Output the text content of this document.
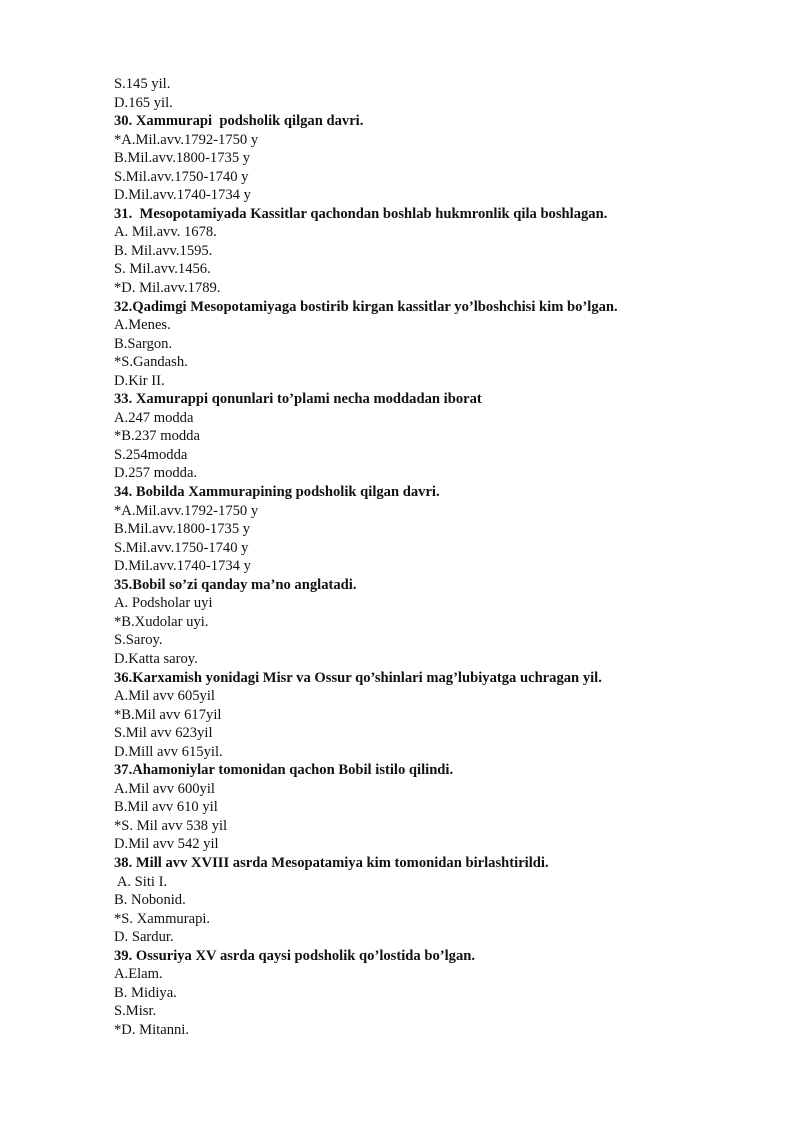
S.145 yil.
D.165 yil.
30. Xammurapi  podsholik qilgan davri.
*A.Mil.avv.1792-1750 y
B.Mil.avv.1800-1735 y
S.Mil.avv.1750-1740 y
D.Mil.avv.1740-1734 y
31.  Mesopotamiyada Kassitlar qachondan boshlab hukmronlik qila boshlagan.
A. Mil.avv. 1678.
B. Mil.avv.1595.
S. Mil.avv.1456.
*D. Mil.avv.1789.
32.Qadimgi Mesopotamiyaga bostirib kirgan kassitlar yo’lboshchisi kim bo’lgan.
A.Menes.
B.Sargon.
*S.Gandash.
D.Kir II.
33. Xamurappi qonunlari to’plami necha moddadan iborat
A.247 modda
*B.237 modda
S.254modda
D.257 modda.
34. Bobilda Xammurapining podsholik qilgan davri.
*A.Mil.avv.1792-1750 y
B.Mil.avv.1800-1735 y
S.Mil.avv.1750-1740 y
D.Mil.avv.1740-1734 y
35.Bobil so’zi qanday ma’no anglatadi.
A. Podsholar uyi
*B.Xudolar uyi.
S.Saroy.
D.Katta saroy.
36.Karxamish yonidagi Misr va Ossur qo’shinlari mag’lubiyatga uchragan yil.
A.Mil avv 605yil
*B.Mil avv 617yil
S.Mil avv 623yil
D.Mill avv 615yil.
37.Ahamoniylar tomonidan qachon Bobil istilo qilindi.
A.Mil avv 600yil
B.Mil avv 610 yil
*S. Mil avv 538 yil
D.Mil avv 542 yil
38. Mill avv XVIII asrda Mesopatamiya kim tomonidan birlashtirildi.
A. Siti I.
B. Nobonid.
*S. Xammurapi.
D. Sardur.
39. Ossuriya XV asrda qaysi podsholik qo’lostida bo’lgan.
A.Elam.
B. Midiya.
S.Misr.
*D. Mitanni.
